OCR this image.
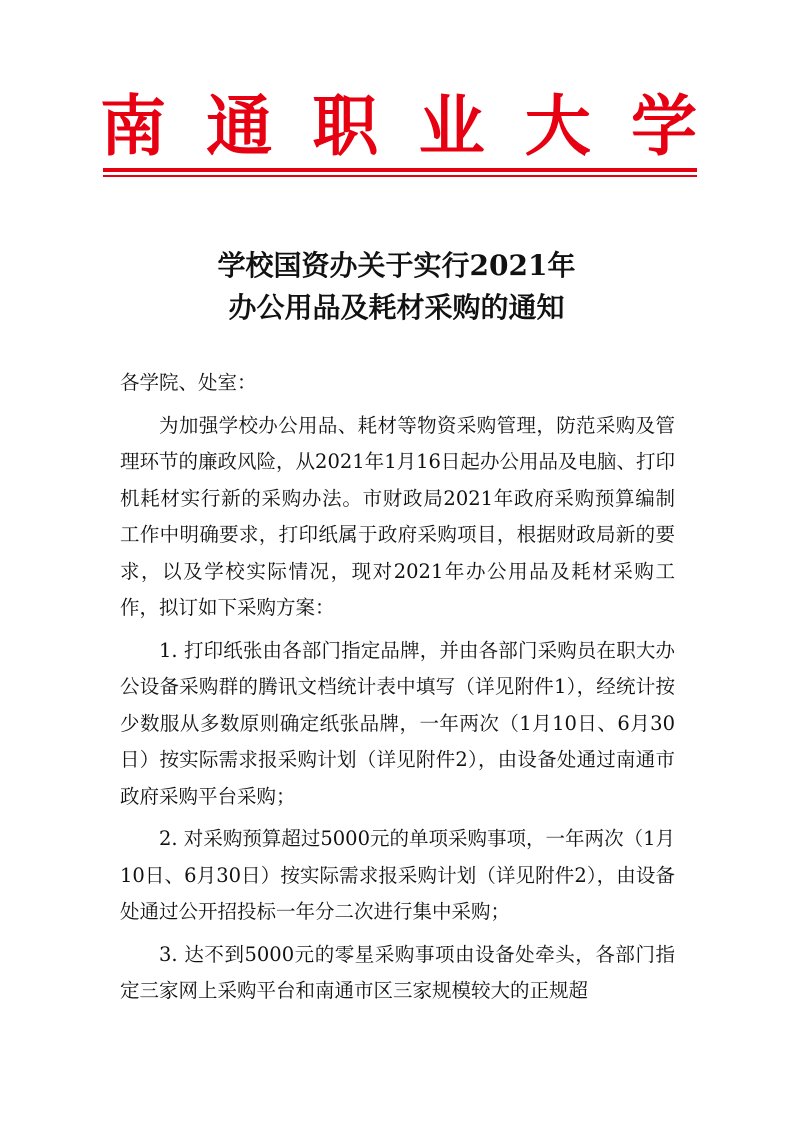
南 通 职 业 大 学
学校国资办关于实行2021年
办公用品及耗材采购的通知

各学院、处室：

为加强学校办公用品、耗材等物资采购管理，防范采购及管理环节的廉政风险，从2021年1月16日起办公用品及电脑、打印机耗材实行新的采购办法。市财政局2021年政府采购预算编制工作中明确要求，打印纸属于政府采购项目，根据财政局新的要求，以及学校实际情况，现对2021年办公用品及耗材采购工作，拟订如下采购方案：

1. 打印纸张由各部门指定品牌，并由各部门采购员在职大办公设备采购群的腾讯文档统计表中填写（详见附件1），经统计按少数服从多数原则确定纸张品牌，一年两次（1月10日、6月30日）按实际需求报采购计划（详见附件2），由设备处通过南通市政府采购平台采购；

2. 对采购预算超过5000元的单项采购事项，一年两次（1月10日、6月30日）按实际需求报采购计划（详见附件2），由设备处通过公开招投标一年分二次进行集中采购；

3. 达不到5000元的零星采购事项由设备处牵头，各部门指定三家网上采购平台和南通市区三家规模较大的正规超
